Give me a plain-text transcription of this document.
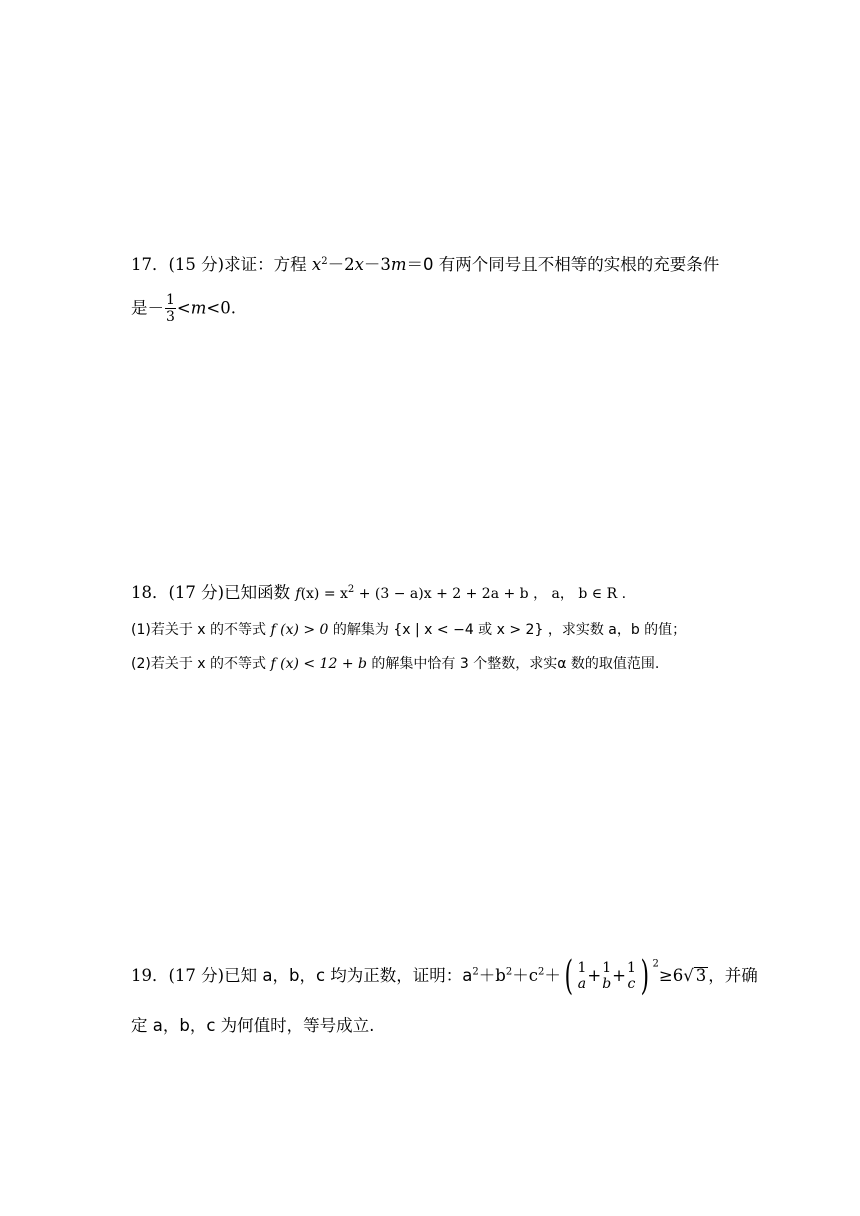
17．(15 分)求证：方程 $x^2-2x-3m=0$ 有两个同号且不相等的实根的充要条件
是－ $\frac{1}{3} <m<0$.
18．(17 分)已知函数 $f(x) = x^2 + (3 - a)x + 2 + 2a + b$ ， a， b ∈ R .
(1)若关于 x 的不等式 f (x) > 0 的解集为 {x | x < −4 或 x > 2} ，求实数 a，b 的值；
(2)若关于 x 的不等式 f (x) < 12 + b 的解集中恰有 3 个整数，求实α 数的取值范围.
19．(17 分)已知 a，b，c 均为正数，证明：$a^2+b^2+c^2+$( 1
a + 1
b + 1
c ) $^2$≥6√ 3 ，并确
定 a，b，c 为何值时，等号成立.
